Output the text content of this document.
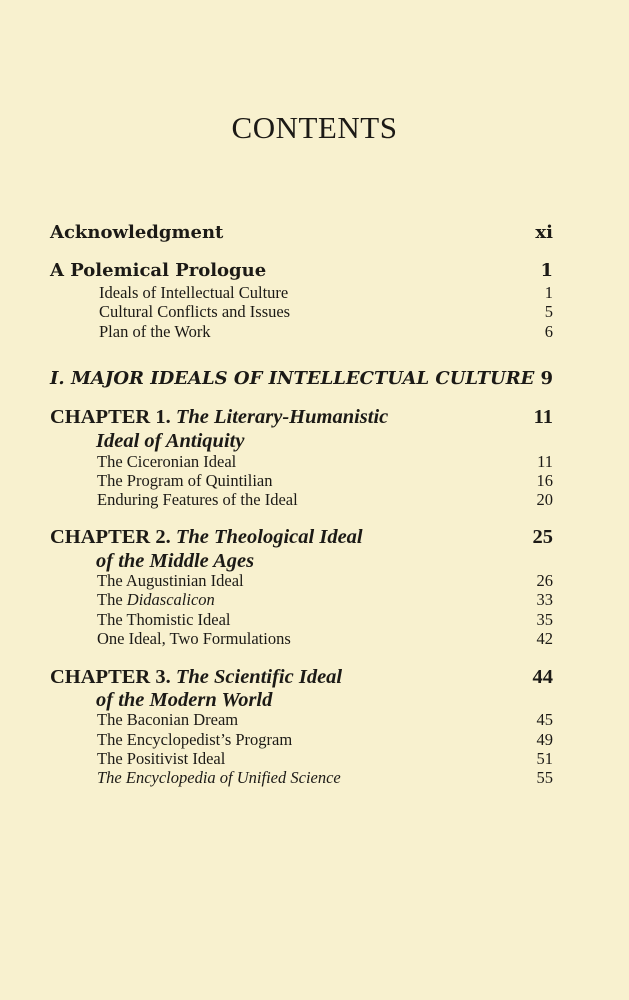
CONTENTS
Acknowledgment	xi
A Polemical Prologue	1
Ideals of Intellectual Culture	1
Cultural Conflicts and Issues	5
Plan of the Work	6
I. MAJOR IDEALS OF INTELLECTUAL CULTURE 9
CHAPTER 1. The Literary-Humanistic	11
Ideal of Antiquity
The Ciceronian Ideal	11
The Program of Quintilian	16
Enduring Features of the Ideal	20
CHAPTER 2. The Theological Ideal	25
of the Middle Ages
The Augustinian Ideal	26
The Didascalicon	33
The Thomistic Ideal	35
One Ideal, Two Formulations	42
CHAPTER 3. The Scientific Ideal	44
of the Modern World
The Baconian Dream	45
The Encyclopedist’s Program	49
The Positivist Ideal	51
The Encyclopedia of Unified Science	55
